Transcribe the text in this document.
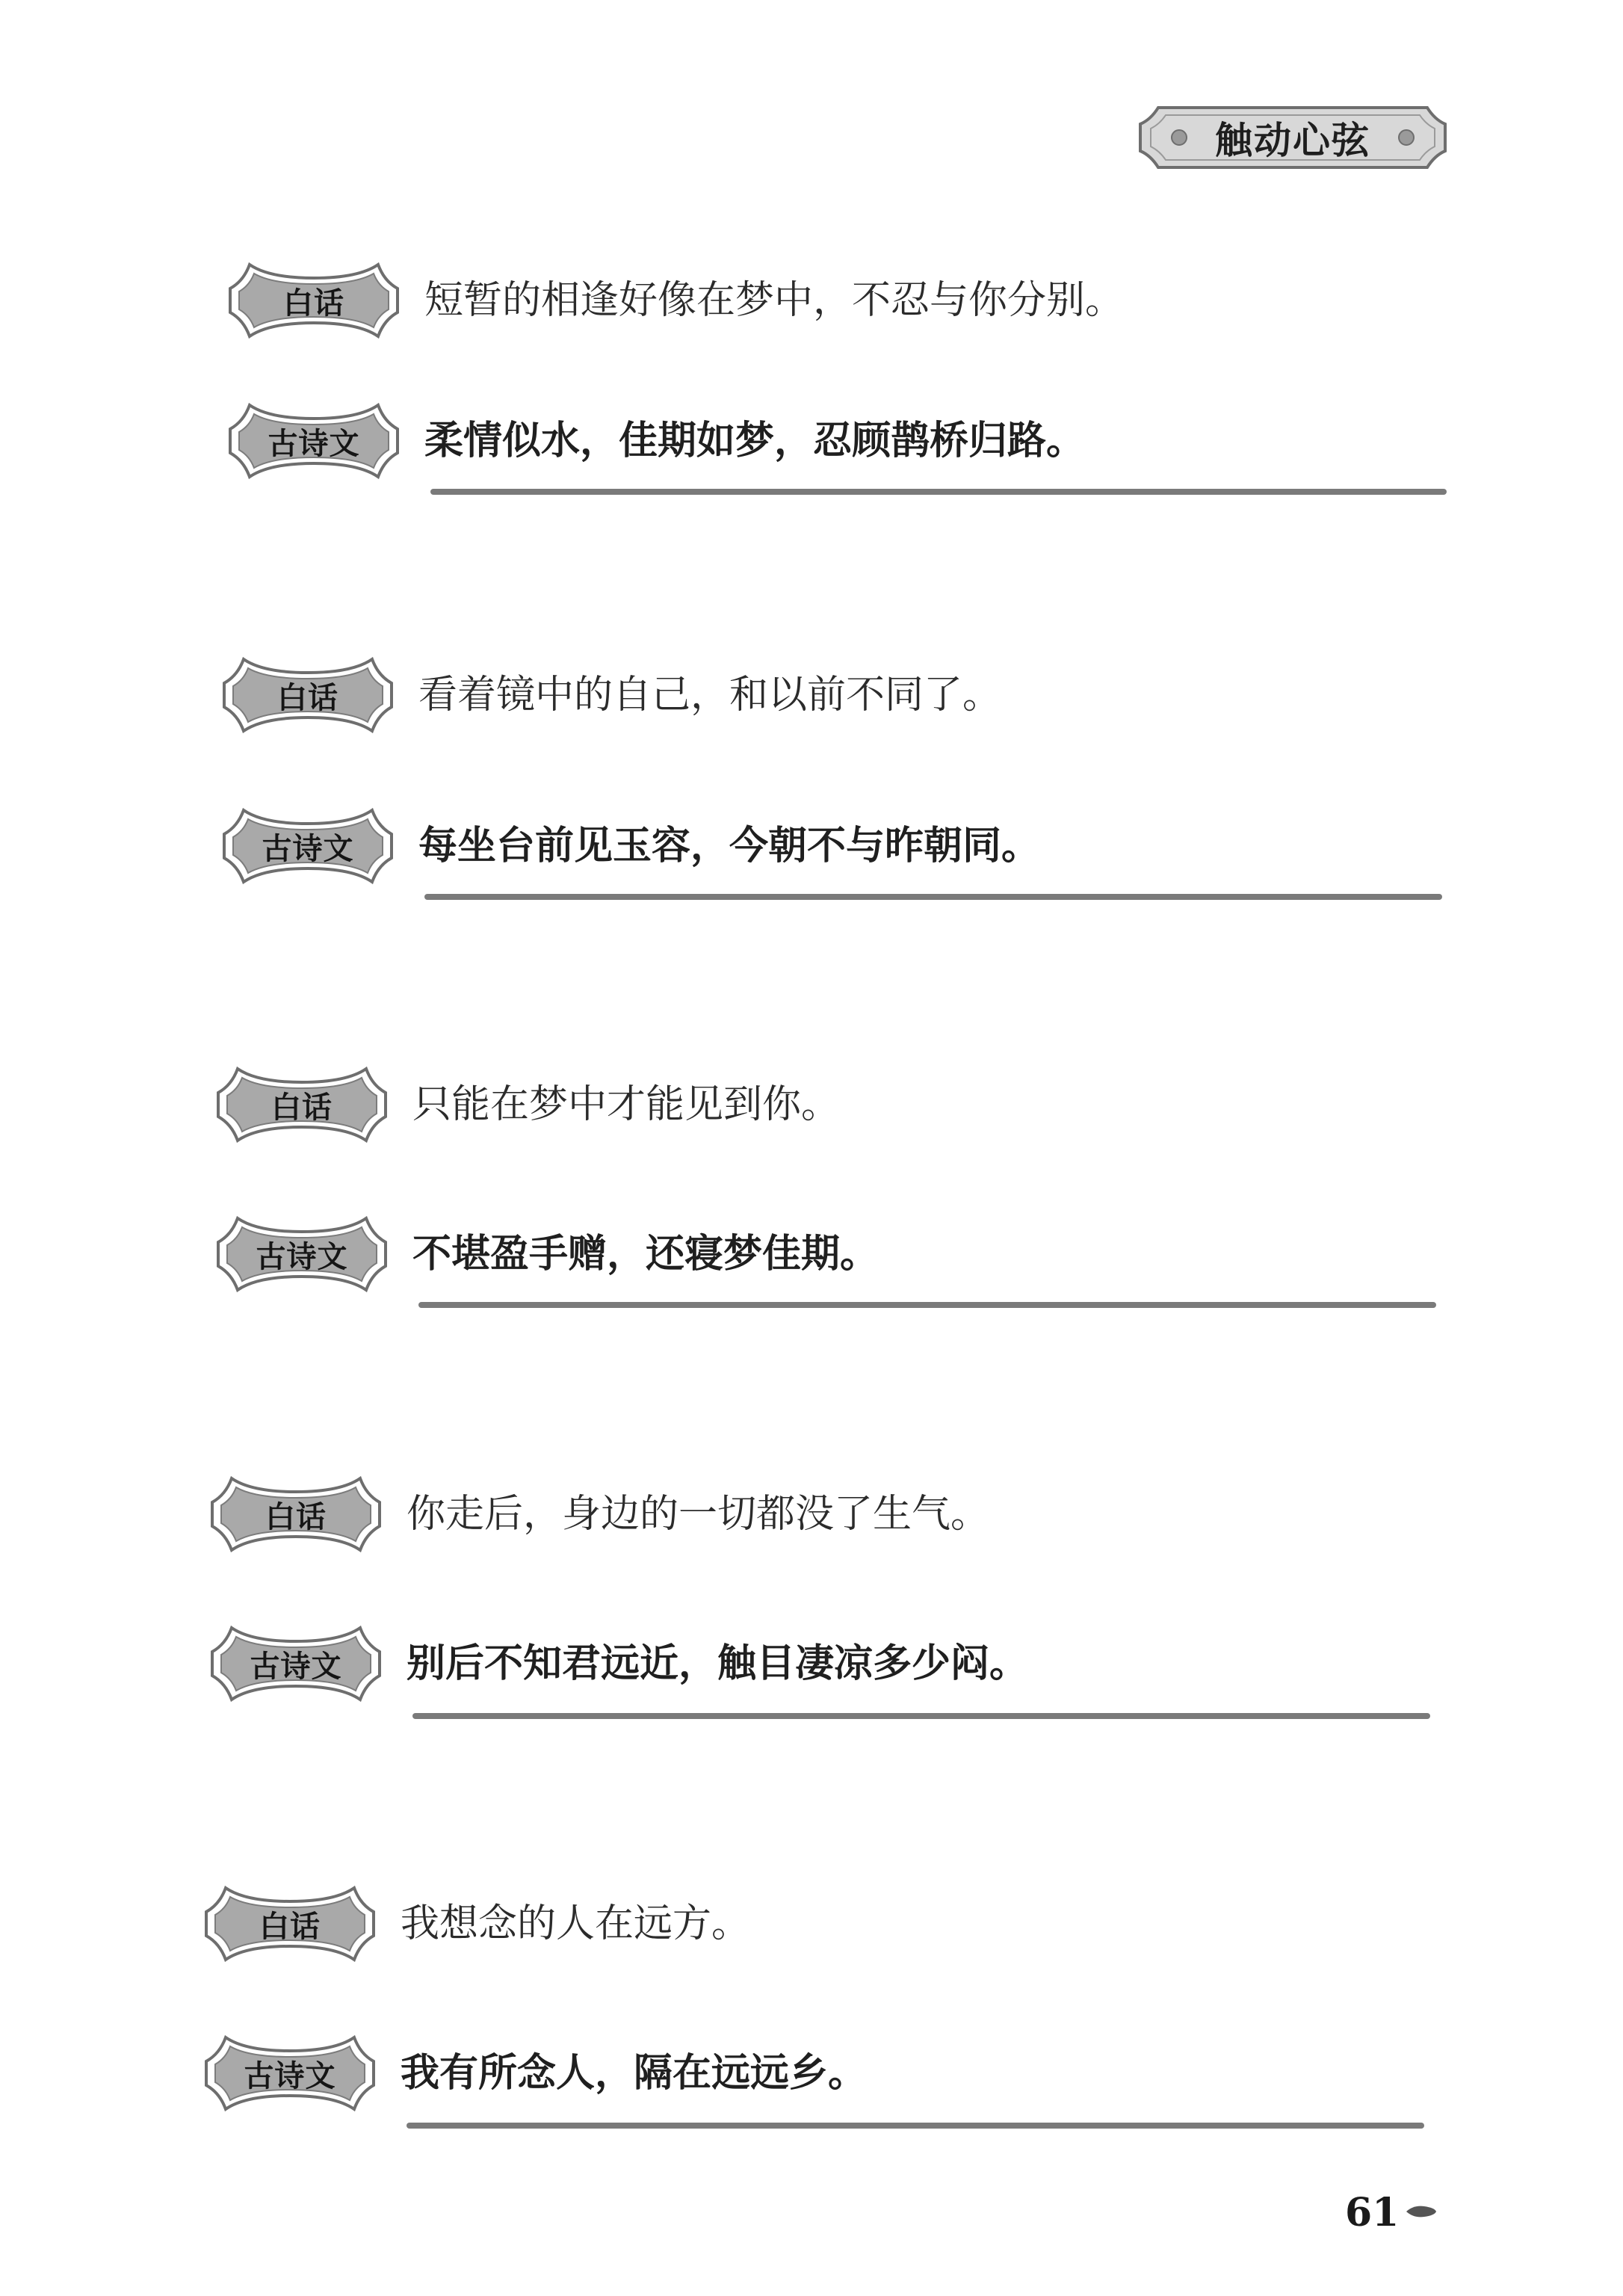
触动心弦
白话	短暂的相逢好像在梦中，不忍与你分别。
古诗文	柔情似水，佳期如梦，忍顾鹊桥归路。
白话	看着镜中的自己，和以前不同了。
古诗文	每坐台前见玉容，今朝不与昨朝同。
白话	只能在梦中才能见到你。
古诗文	不堪盈手赠，还寝梦佳期。
白话	你走后，身边的一切都没了生气。
古诗文	别后不知君远近，触目凄凉多少闷。
白话	我想念的人在远方。
古诗文	我有所念人，隔在远远乡。
61
